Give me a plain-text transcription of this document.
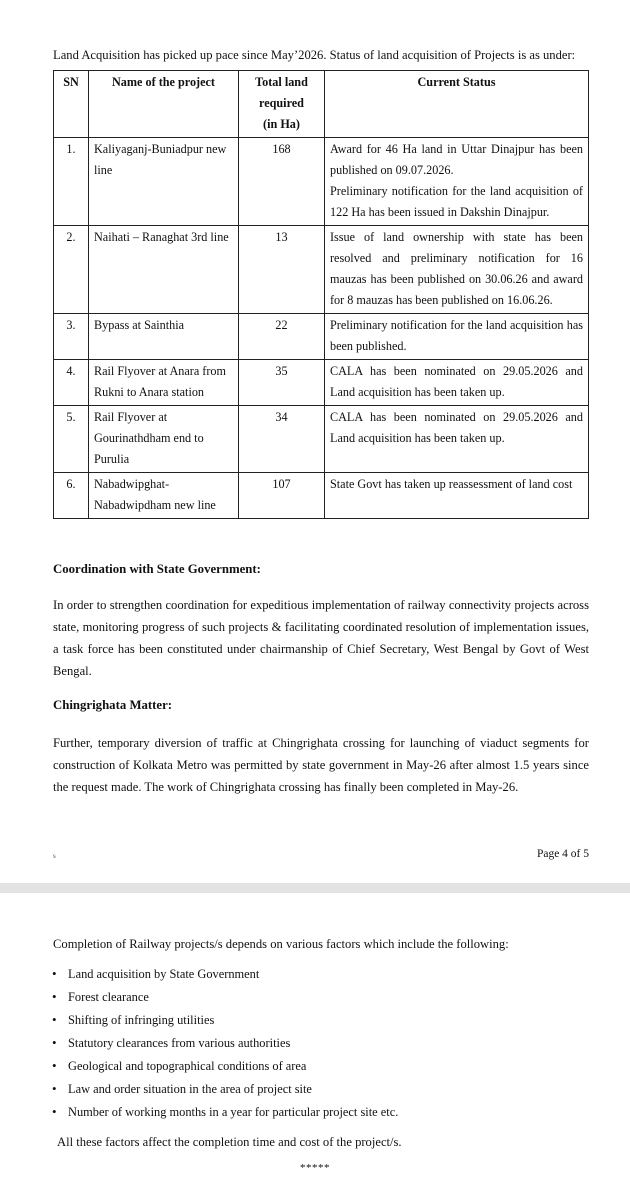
Land Acquisition has picked up pace since May’2026. Status of land acquisition of Projects is as under:

SN	Name of the project	Total land
required
(in Ha)	Current Status
1.	Kaliyaganj-Buniadpur new line	168	Award for 46 Ha land in Uttar Dinajpur has been published on 09.07.2026.
Preliminary notification for the land acquisition of 122 Ha has been issued in Dakshin Dinajpur.

2.	Naihati – Ranaghat 3rd line	13	Issue of land ownership with state has been resolved and preliminary notification for 16 mauzas has been published on 30.06.26 and award for 8 mauzas has been published on 16.06.26.

3.	Bypass at Sainthia	22	Preliminary notification for the land acquisition has been published.

4.	Rail Flyover at Anara from Rukni to Anara station	35	CALA has been nominated on 29.05.2026 and Land acquisition has been taken up.

5.	Rail Flyover at Gourinathdham end to Purulia	34	CALA has been nominated on 29.05.2026 and Land acquisition has been taken up.

6.	Nabadwipghat-Nabadwipdham new line	107	State Govt has taken up reassessment of land cost
Coordination with State Government:

In order to strengthen coordination for expeditious implementation of railway connectivity projects across state, monitoring progress of such projects & facilitating coordinated resolution of implementation issues, a task force has been constituted under chairmanship of Chief Secretary, West Bengal by Govt of West Bengal.

Chingrighata Matter:

Further, temporary diversion of traffic at Chingrighata crossing for launching of viaduct segments for construction of Kolkata Metro was permitted by state government in May-26 after almost 1.5 years since the request made. The work of Chingrighata crossing has finally been completed in May-26.

s	Page 4 of 5

Completion of Railway projects/s depends on various factors which include the following:

• Land acquisition by State Government
• Forest clearance
• Shifting of infringing utilities
• Statutory clearances from various authorities
• Geological and topographical conditions of area
• Law and order situation in the area of project site
• Number of working months in a year for particular project site etc.

All these factors affect the completion time and cost of the project/s.

*****
